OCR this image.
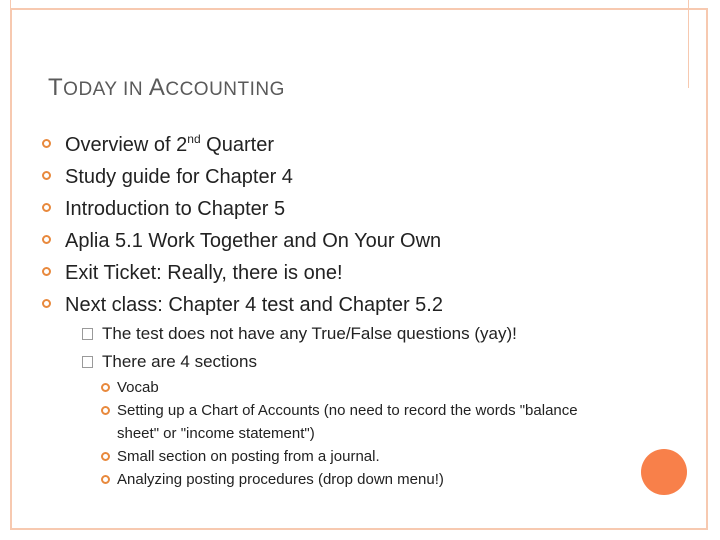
TODAY IN ACCOUNTING
Overview of 2nd Quarter
Study guide for Chapter 4
Introduction to Chapter 5
Aplia 5.1 Work Together and On Your Own
Exit Ticket: Really, there is one!
Next class: Chapter 4 test and Chapter 5.2
The test does not have any True/False questions (yay)!
There are 4 sections
Vocab
Setting up a Chart of Accounts (no need to record the words "balance sheet" or "income statement")
Small section on posting from a journal.
Analyzing posting procedures (drop down menu!)
